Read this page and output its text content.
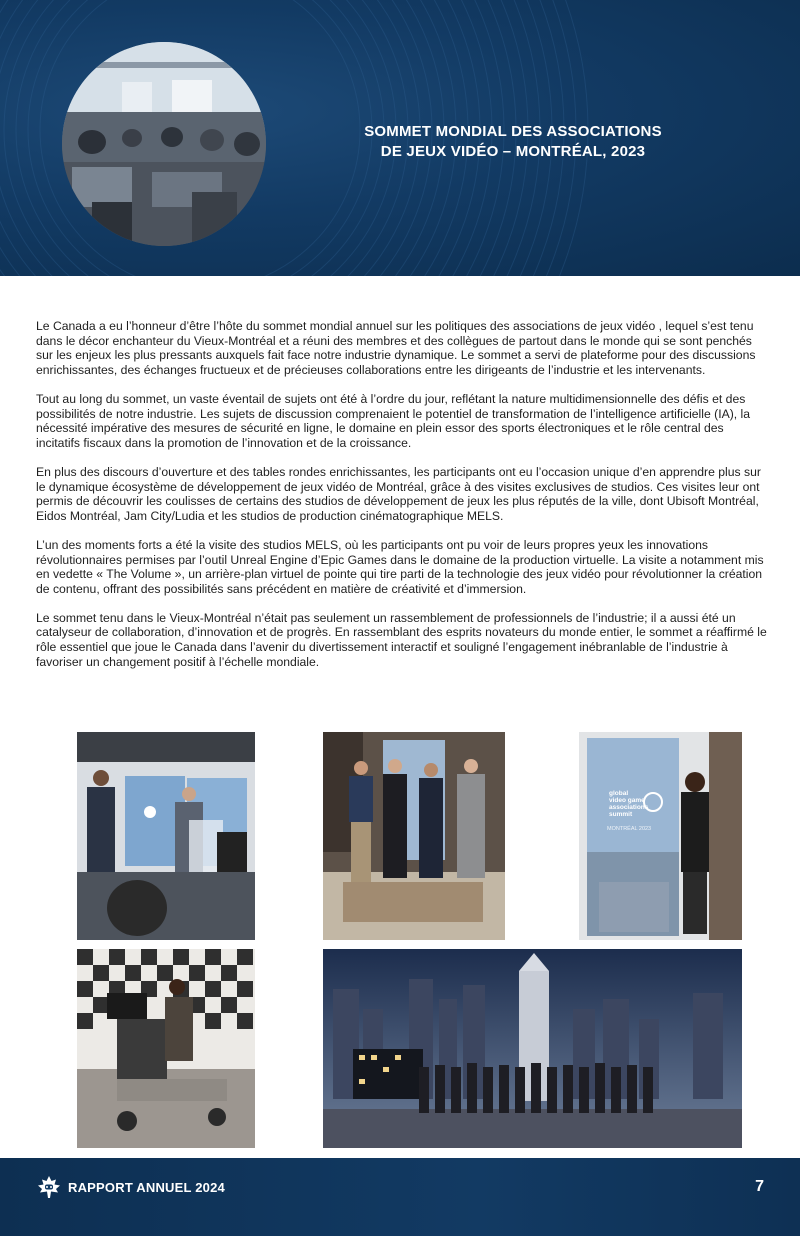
SOMMET MONDIAL DES ASSOCIATIONS
DE JEUX VIDÉO – MONTRÉAL, 2023

Le Canada a eu l’honneur d’être l’hôte du sommet mondial annuel sur les politiques des associations de jeux vidéo , lequel s’est tenu dans le décor enchanteur du Vieux-Montréal et a réuni des membres et des collègues de partout dans le monde qui se sont penchés sur les enjeux les plus pressants auxquels fait face notre industrie dynamique. Le sommet a servi de plateforme pour des discussions enrichissantes, des échanges fructueux et de précieuses collaborations entre les dirigeants de l’industrie et les intervenants.

Tout au long du sommet, un vaste éventail de sujets ont été à l’ordre du jour, reflétant la nature multidimensionnelle des défis et des possibilités de notre industrie. Les sujets de discussion comprenaient le potentiel de transformation de l’intelligence artificielle (IA), la nécessité impérative des mesures de sécurité en ligne, le domaine en plein essor des sports électroniques et le rôle central des incitatifs fiscaux dans la promotion de l’innovation et de la croissance.

En plus des discours d’ouverture et des tables rondes enrichissantes, les participants ont eu l’occasion unique d’en apprendre plus sur le dynamique écosystème de développement de jeux vidéo de Montréal, grâce à des visites exclusives de studios. Ces visites leur ont permis de découvrir les coulisses de certains des studios de développement de jeux les plus réputés de la ville, dont Ubisoft Montréal, Eidos Montréal, Jam City/Ludia et les studios de production cinématographique MELS.

L’un des moments forts a été la visite des studios MELS, où les participants ont pu voir de leurs propres yeux les innovations révolutionnaires permises par l’outil Unreal Engine d’Epic Games dans le domaine de la production virtuelle. La visite a notamment mis en vedette « The Volume », un arrière-plan virtuel de pointe qui tire parti de la technologie des jeux vidéo pour révolutionner la création de contenu, offrant des possibilités sans précédent en matière de créativité et d’immersion.

Le sommet tenu dans le Vieux-Montréal n’était pas seulement un rassemblement de professionnels de l’industrie; il a aussi été un catalyseur de collaboration, d’innovation et de progrès. En rassemblant des esprits novateurs du monde entier, le sommet a réaffirmé le rôle essentiel que joue le Canada dans l’avenir du divertissement interactif et souligné l’engagement inébranlable de l’industrie à favoriser un changement positif à l’échelle mondiale.

global
video game
associations
summit
MONTRÉAL 2023
RAPPORT ANNUEL 2024	7
